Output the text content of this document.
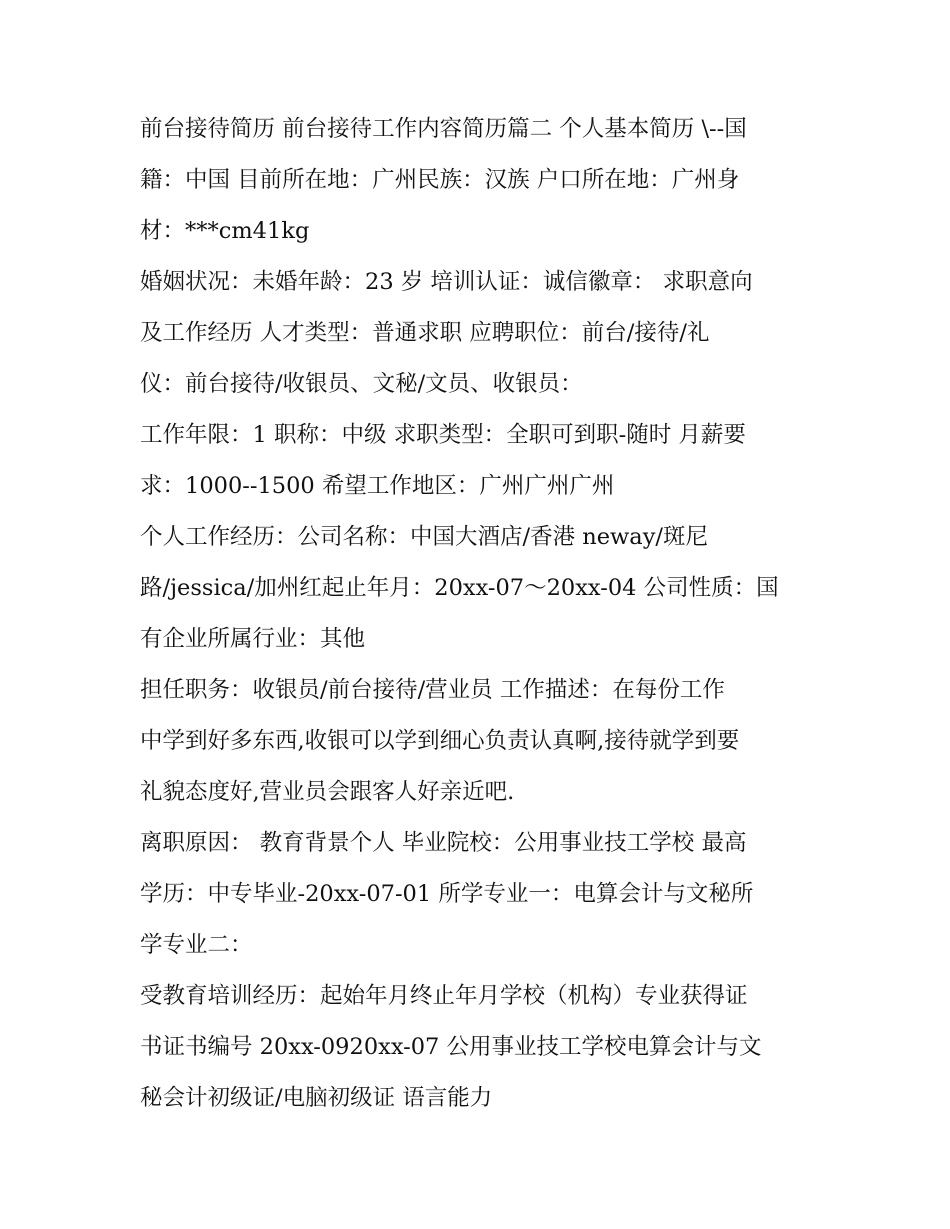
前台接待简历 前台接待工作内容简历篇二 个人基本简历 \--国
籍：中国 目前所在地：广州民族：汉族 户口所在地：广州身
材：***cm41kg
婚姻状况：未婚年龄：23 岁 培训认证：诚信徽章： 求职意向
及工作经历 人才类型：普通求职 应聘职位：前台/接待/礼
仪：前台接待/收银员、文秘/文员、收银员：
工作年限：1 职称：中级 求职类型：全职可到职-随时 月薪要
求：1000--1500 希望工作地区：广州广州广州
个人工作经历：公司名称：中国大酒店/香港 neway/斑尼
路/jessica/加州红起止年月：20xx-07～20xx-04 公司性质：国
有企业所属行业：其他
担任职务：收银员/前台接待/营业员 工作描述：在每份工作
中学到好多东西,收银可以学到细心负责认真啊,接待就学到要
礼貌态度好,营业员会跟客人好亲近吧.
离职原因： 教育背景个人 毕业院校：公用事业技工学校 最高
学历：中专毕业-20xx-07-01 所学专业一：电算会计与文秘所
学专业二：
受教育培训经历：起始年月终止年月学校（机构）专业获得证
书证书编号 20xx-0920xx-07 公用事业技工学校电算会计与文
秘会计初级证/电脑初级证 语言能力
